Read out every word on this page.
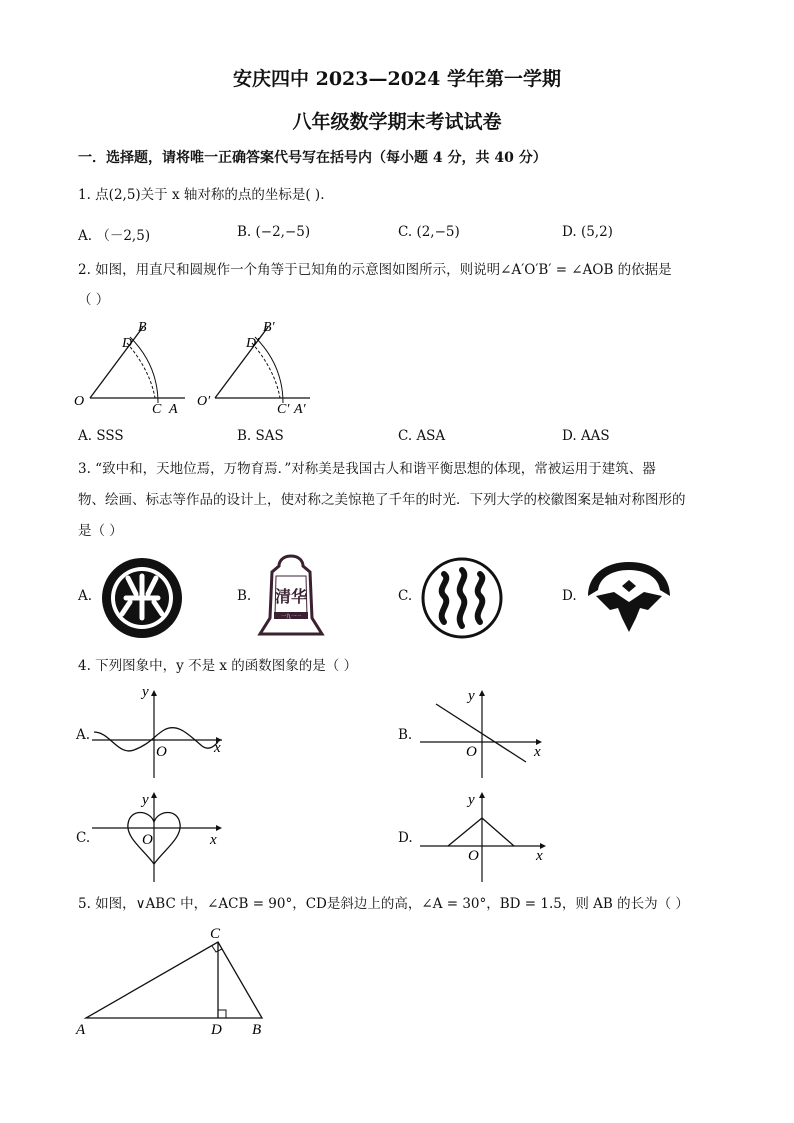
安庆四中 2023—2024 学年第一学期
八年级数学期末考试试卷
一．选择题，请将唯一正确答案代号写在括号内（每小题 4 分，共 40 分）
1. 点(2,5)关于 x 轴对称的点的坐标是( ).
A. （－2,5)	B. (−2,−5)	C. (2,−5)	D. (5,2)
2. 如图，用直尺和圆规作一个角等于已知角的示意图如图所示，则说明∠A′O′B′ = ∠AOB 的依据是
（ ）
O
D
B
C A
O′
D′
B′
C′ A′
A. SSS	B. SAS	C. ASA	D. AAS
3. “致中和，天地位焉，万物育焉．”对称美是我国古人和谐平衡思想的体现，常被运用于建筑、器
物、绘画、标志等作品的设计上，使对称之美惊艳了千年的时光．下列大学的校徽图案是轴对称图形的
是（ ）
A.	B. 清华
一九一一
C.	D.
4. 下列图象中，y 不是 x 的函数图象的是（ ）
A.
y
x
O
B.
y
x
O
C.
y
x
O	D.
y
x
O
5. 如图，∨ABC 中，∠ACB = 90°，CD是斜边上的高，∠A = 30°，BD = 1.5，则 AB 的长为（ ）
A
C
D B
